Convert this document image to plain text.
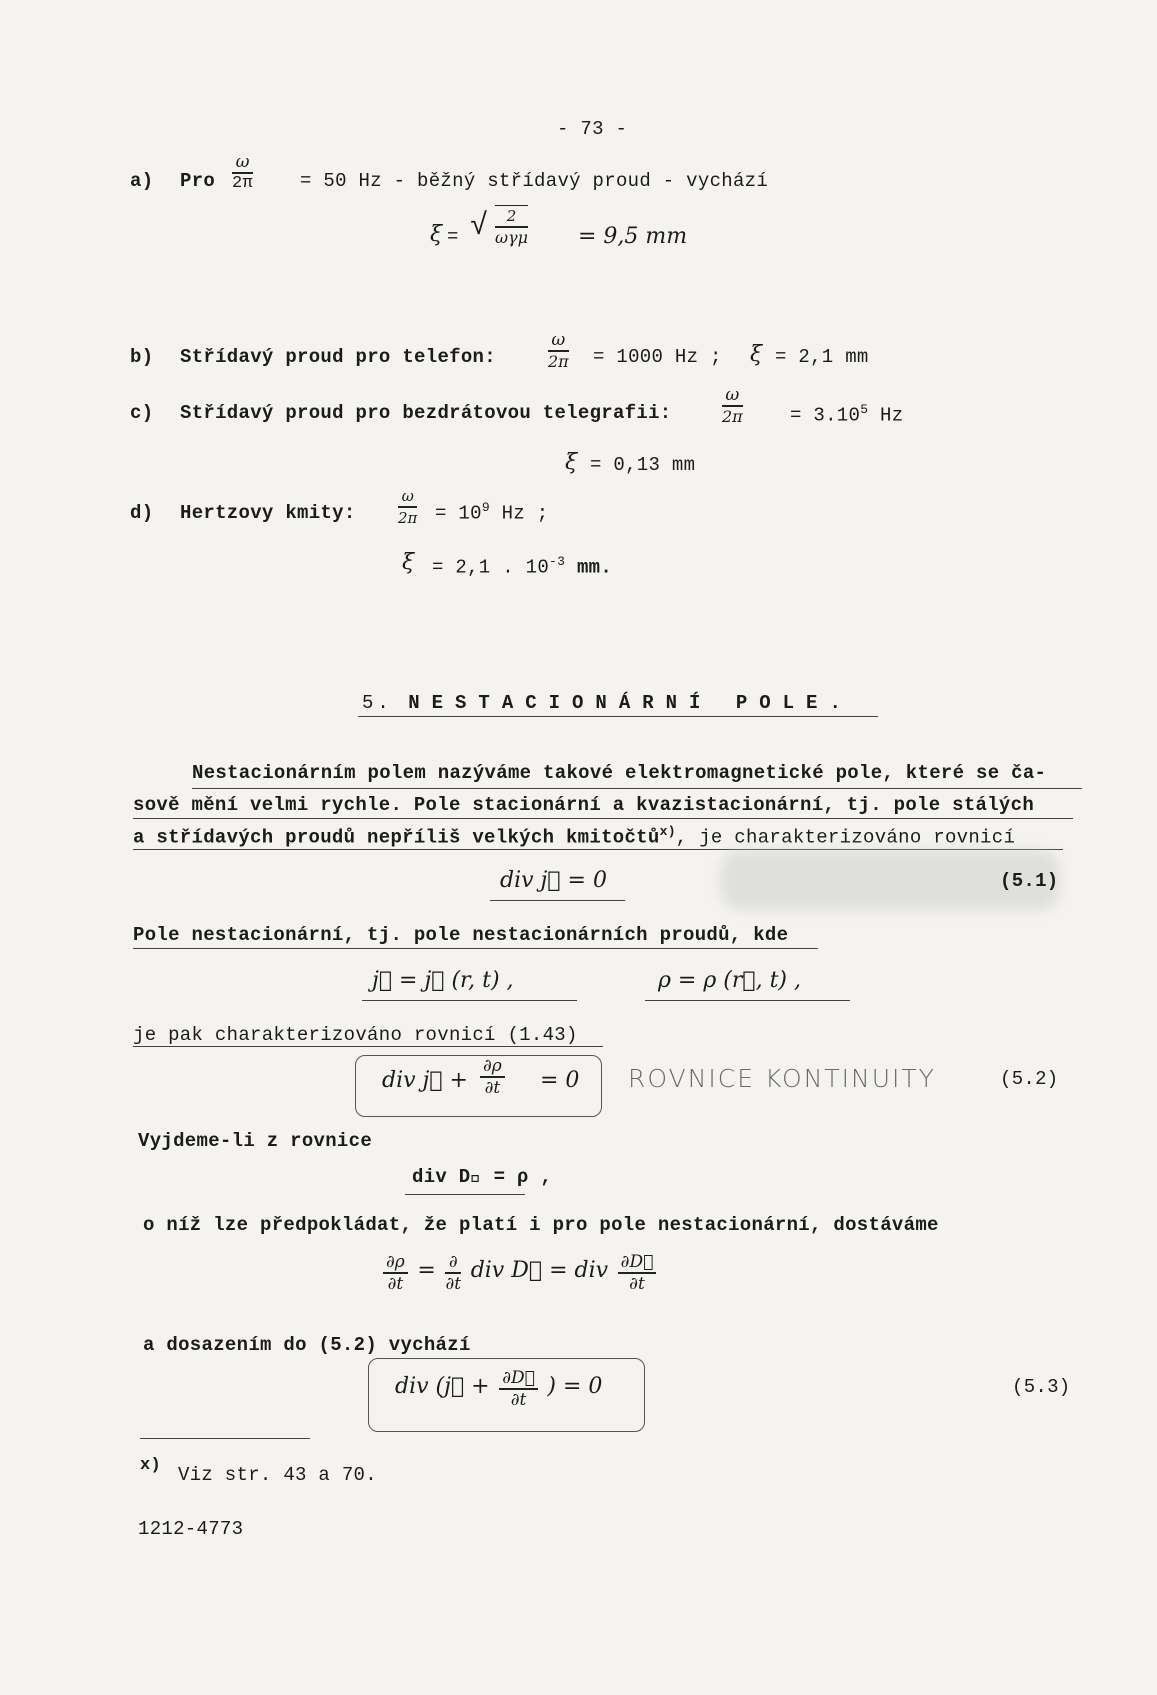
- 73 -
a) Pro $\frac{\omega}{2\pi} = 50$ Hz - běžný střídavý proud - vychází
ξ = √ $\frac{2}{\text{ωγμ}} = 9,5$ mm
b) Střídavý proud pro telefon:	$\frac{\omega}{2\pi} = 1000$ Hz ; ξ = 2,1 mm
c) Střídavý proud pro bezdrátovou telegrafii:	$\frac{\omega}{2\pi} = 3.10^5$ Hz
ξ = 0,13 mm
d) Hertzovy kmity:	$\frac{\omega}{2\pi} = 10^9$ Hz ;
ξ = 2,1 . $10^{-3}$ mm.
5. NESTACIONÁRNÍ POLE.
Nestacionárním polem nazýváme takové elektromagnetické pole, které se ča-
sově mění velmi rychle. Pole stacionární a kvazistacionární, tj. pole stálých
a střídavých proudů nepříliš velkých kmitočtů$^{x)}$, je charakterizováno rovnicí
div j⃗ = 0	(5.1)
Pole nestacionární, tj. pole nestacionárních proudů, kde
j⃗ = j⃗ (r, t) ,	ρ = ρ (r⃗, t) ,
je pak charakterizováno rovnicí (1.43)
div j⃗ + $\frac{\partial\rho}{\partial t} = 0$ ROVNICE KONTINUITY	(5.2)
Vyjdeme-li z rovnice
div D⃗ = ρ ,
o níž lze předpokládat, že platí i pro pole nestacionární, dostáváme
$\frac{\partial\rho}{\partial t} = \frac{\partial}{\partial t}$ div D⃗ = div $\frac{\partial D⃗}{\partial t}$
a dosazením do (5.2) vychází
div (j⃗ + $\frac{\partial D⃗}{\partial t}$ ) = 0	(5.3)
x) Viz str. 43 a 70.
1212-4773
